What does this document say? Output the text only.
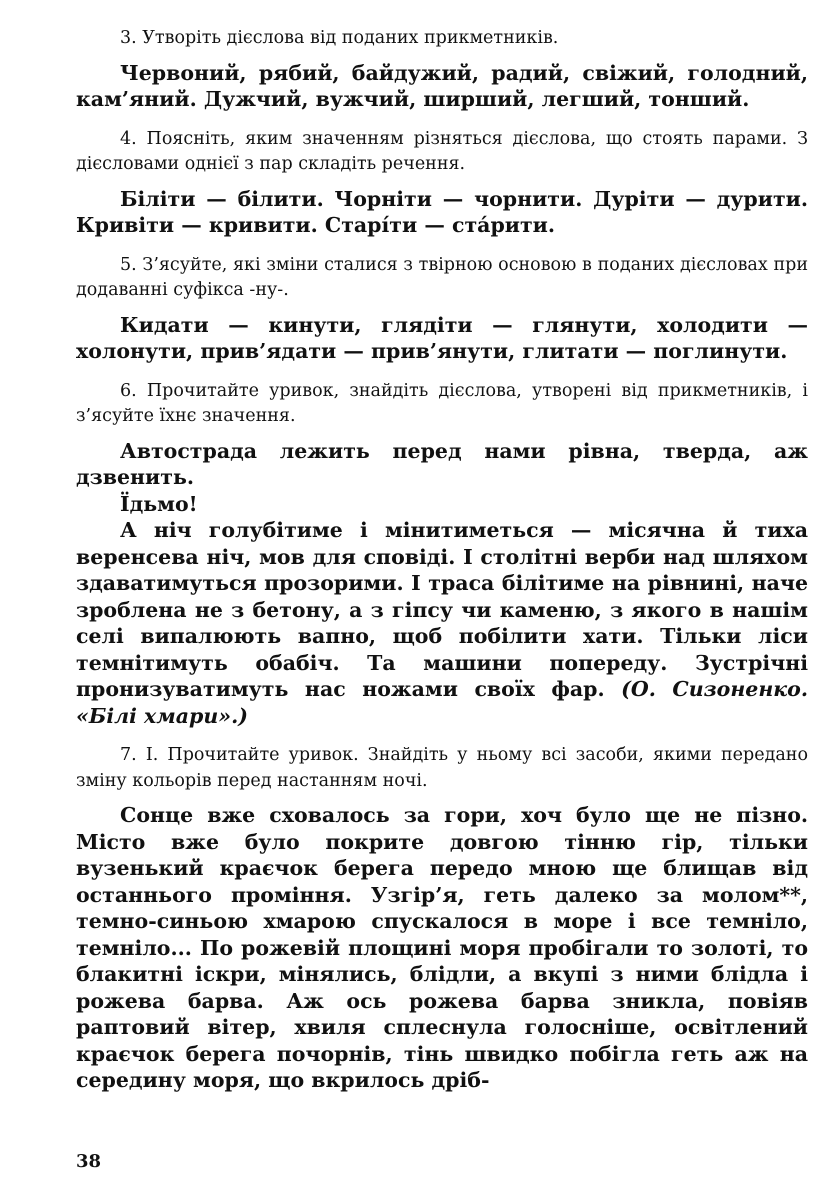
3. Утворіть дієслова від поданих прикметників.

Червоний, рябий, байдужий, радий, свіжий, голодний, кам’яний. Дужчий, вужчий, ширший, легший, тонший.

4. Поясніть, яким значенням різняться дієслова, що стоять парами. З дієсловами однієї з пар складіть речення.

Біліти — білити. Чорніти — чорнити. Дуріти — дурити. Кривіти — кривити. Старі́ти — ста́рити.

5. З’ясуйте, які зміни сталися з твірною основою в поданих дієсловах при додаванні суфікса -ну-.

Кидати — кинути, глядіти — глянути, холодити — холонути, прив’ядати — прив’янути, глитати — поглинути.

6. Прочитайте уривок, знайдіть дієслова, утворені від прикметників, і з’ясуйте їхнє значення.

Автострада лежить перед нами рівна, тверда, аж дзвенить.

Їдьмо!

А ніч голубітиме і мінитиметься — місячна й тиха веренсева ніч, мов для сповіді. І столітні верби над шляхом здаватимуться прозорими. І траса білітиме на рівнині, наче зроблена не з бетону, а з гіпсу чи каменю, з якого в нашім селі випалюють вапно, щоб побілити хати. Тільки ліси темнітимуть обабіч. Та машини попереду. Зустрічні пронизуватимуть нас ножами своїх фар. (О. Сизоненко. «Білі хмари».)

7. І. Прочитайте уривок. Знайдіть у ньому всі засоби, якими передано зміну кольорів перед настанням ночі.

Сонце вже сховалось за гори, хоч було ще не пізно. Місто вже було покрите довгою тінню гір, тільки вузенький краєчок берега передо мною ще блищав від останнього проміння. Узгір’я, геть далеко за молом**, темно-синьою хмарою спускалося в море і все темніло, темніло... По рожевій площині моря пробігали то золоті, то блакитні іскри, мінялись, блідли, а вкупі з ними блідла і рожева барва. Аж ось рожева барва зникла, повіяв раптовий вітер, хвиля сплеснула голосніше, освітлений краєчок берега почорнів, тінь швидко побігла геть аж на середину моря, що вкрилось дріб-

38
